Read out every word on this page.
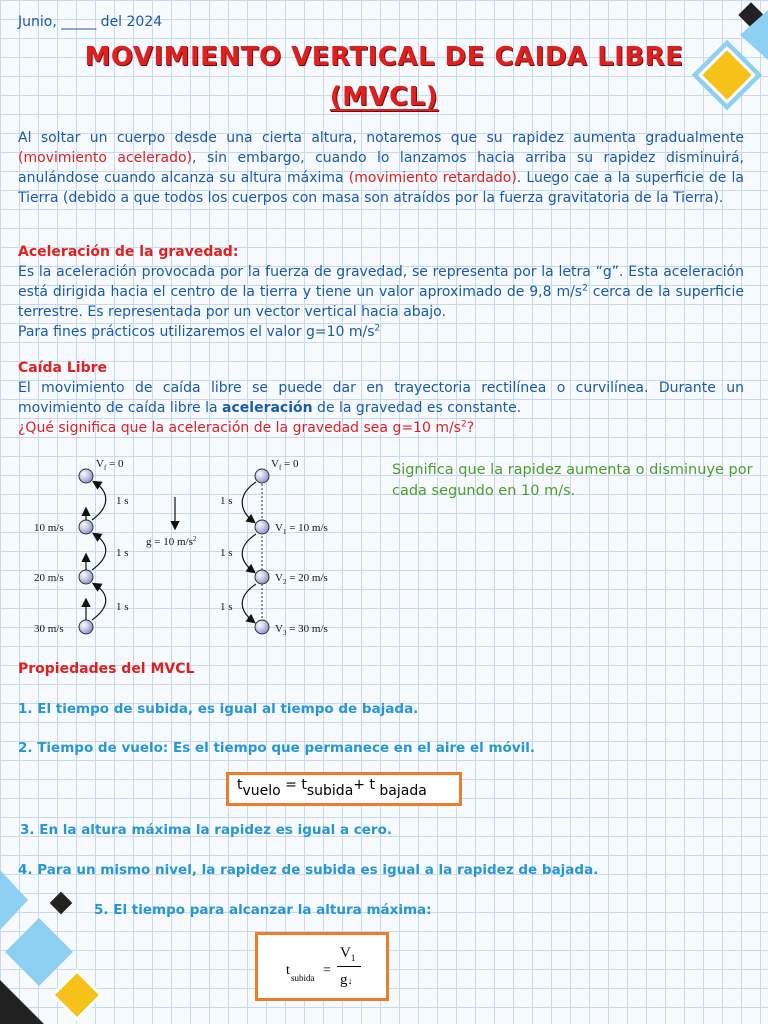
Junio, _____ del 2024
MOVIMIENTO VERTICAL DE CAIDA LIBRE
(MVCL)
Al soltar un cuerpo desde una cierta altura, notaremos que su rapidez aumenta gradualmente (movimiento acelerado), sin embargo, cuando lo lanzamos hacia arriba su rapidez disminuirá, anulándose cuando alcanza su altura máxima (movimiento retardado). Luego cae a la superficie de la Tierra (debido a que todos los cuerpos con masa son atraídos por la fuerza gravitatoria de la Tierra).
Aceleración de la gravedad:
Es la aceleración provocada por la fuerza de gravedad, se representa por la letra “g”. Esta aceleración está dirigida hacia el centro de la tierra y tiene un valor aproximado de 9,8 $m/s^2$ cerca de la superficie terrestre. Es representada por un vector vertical hacia abajo.
Para fines prácticos utilizaremos el valor g=10 $m/s^2$
Caída Libre
El movimiento de caída libre se puede dar en trayectoria rectilínea o curvilínea. Durante un movimiento de caída libre la aceleración de la gravedad es constante.
¿Qué significa que la aceleración de la gravedad sea g=10 $m/s^2$?
$V_f = 0$
1 s
1 s
1 s
10 m/s
20 m/s
30 m/s
g = 10 $m/s^2$
$V_f = 0$
1 s
1 s
1 s
$V_1 = 10$ m/s
$V_2 = 20$ m/s
$V_3 = 30$ m/s
Significa que la rapidez aumenta o disminuye por cada segundo en 10 m/s.
Propiedades del MVCL
1. El tiempo de subida, es igual al tiempo de bajada.
2. Tiempo de vuelo: Es el tiempo que permanece en el aire el móvil.
tvuelo = tsubida+ t bajada
3. En la altura máxima la rapidez es igual a cero.
4. Para un mismo nivel, la rapidez de subida es igual a la rapidez de bajada.
5. El tiempo para alcanzar la altura máxima:
t subida =
$V_1$
g↓
